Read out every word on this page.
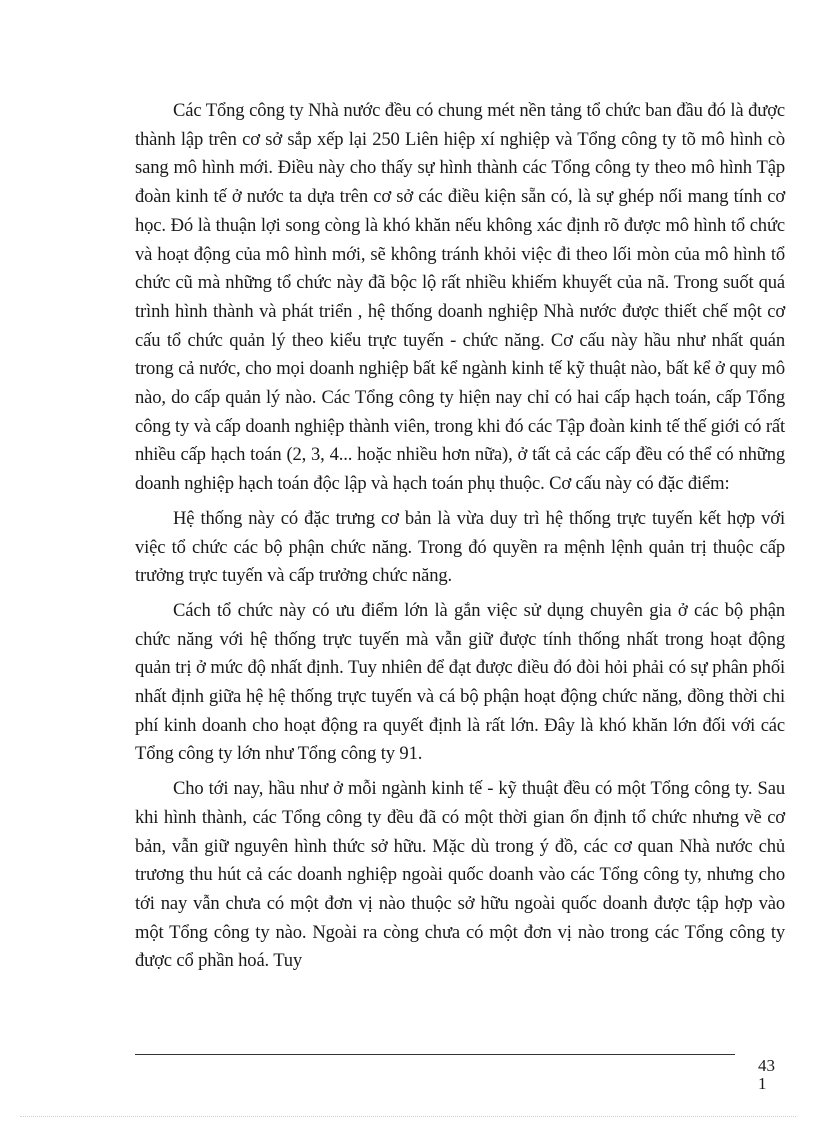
Các Tổng công ty Nhà nước đều có chung mét nền tảng tổ chức ban đầu đó là được thành lập trên cơ sở sắp xếp lại 250 Liên hiệp xí nghiệp và Tổng công ty tõ mô hình cò sang mô hình mới. Điều này cho thấy sự hình thành các Tổng công ty theo mô hình Tập đoàn kinh tế ở nước ta dựa trên cơ sở các điều kiện sẵn có, là sự ghép nối mang tính cơ học. Đó là thuận lợi song còng là khó khăn nếu không xác định rõ được mô hình tổ chức và hoạt động của mô hình mới, sẽ không tránh khỏi việc đi theo lối mòn của mô hình tổ chức cũ mà những tổ chức này đã bộc lộ rất nhiều khiếm khuyết của nã. Trong suốt quá trình hình thành và phát triển , hệ thống doanh nghiệp Nhà nước được thiết chế một cơ cấu tổ chức quản lý theo kiểu trực tuyến - chức năng. Cơ cấu này hầu như nhất quán trong cả nước, cho mọi doanh nghiệp bất kể ngành kinh tế kỹ thuật nào, bất kể ở quy mô nào, do cấp quản lý nào. Các Tổng công ty hiện nay chỉ có hai cấp hạch toán, cấp Tổng công ty và cấp doanh nghiệp thành viên, trong khi đó các Tập đoàn kinh tế thế giới có rất nhiều cấp hạch toán (2, 3, 4... hoặc nhiều hơn nữa), ở tất cả các cấp đều có thể có những doanh nghiệp hạch toán độc lập và hạch toán phụ thuộc. Cơ cấu này có đặc điểm:

Hệ thống này có đặc trưng cơ bản là vừa duy trì hệ thống trực tuyến kết hợp với việc tổ chức các bộ phận chức năng. Trong đó quyền ra mệnh lệnh quản trị thuộc cấp trưởng trực tuyến và cấp trưởng chức năng.

Cách tổ chức này có ưu điểm lớn là gắn việc sử dụng chuyên gia ở các bộ phận chức năng với hệ thống trực tuyến mà vẫn giữ được tính thống nhất trong hoạt động quản trị ở mức độ nhất định. Tuy nhiên để đạt được điều đó đòi hỏi phải có sự phân phối nhất định giữa hệ hệ thống trực tuyến và cá bộ phận hoạt động chức năng, đồng thời chi phí kinh doanh cho hoạt động ra quyết định là rất lớn. Đây là khó khăn lớn đối với các Tổng công ty lớn như Tổng công ty 91.

Cho tới nay, hầu như ở mỗi ngành kinh tế - kỹ thuật đều có một Tổng công ty. Sau khi hình thành, các Tổng công ty đều đã có một thời gian ổn định tổ chức nhưng về cơ bản, vẫn giữ nguyên hình thức sở hữu. Mặc dù trong ý đồ, các cơ quan Nhà nước chủ trương thu hút cả các doanh nghiệp ngoài quốc doanh vào các Tổng công ty, nhưng cho tới nay vẫn chưa có một đơn vị nào thuộc sở hữu ngoài quốc doanh được tập hợp vào một Tổng công ty nào. Ngoài ra còng chưa có một đơn vị nào trong các Tổng công ty được cổ phần hoá. Tuy

431
